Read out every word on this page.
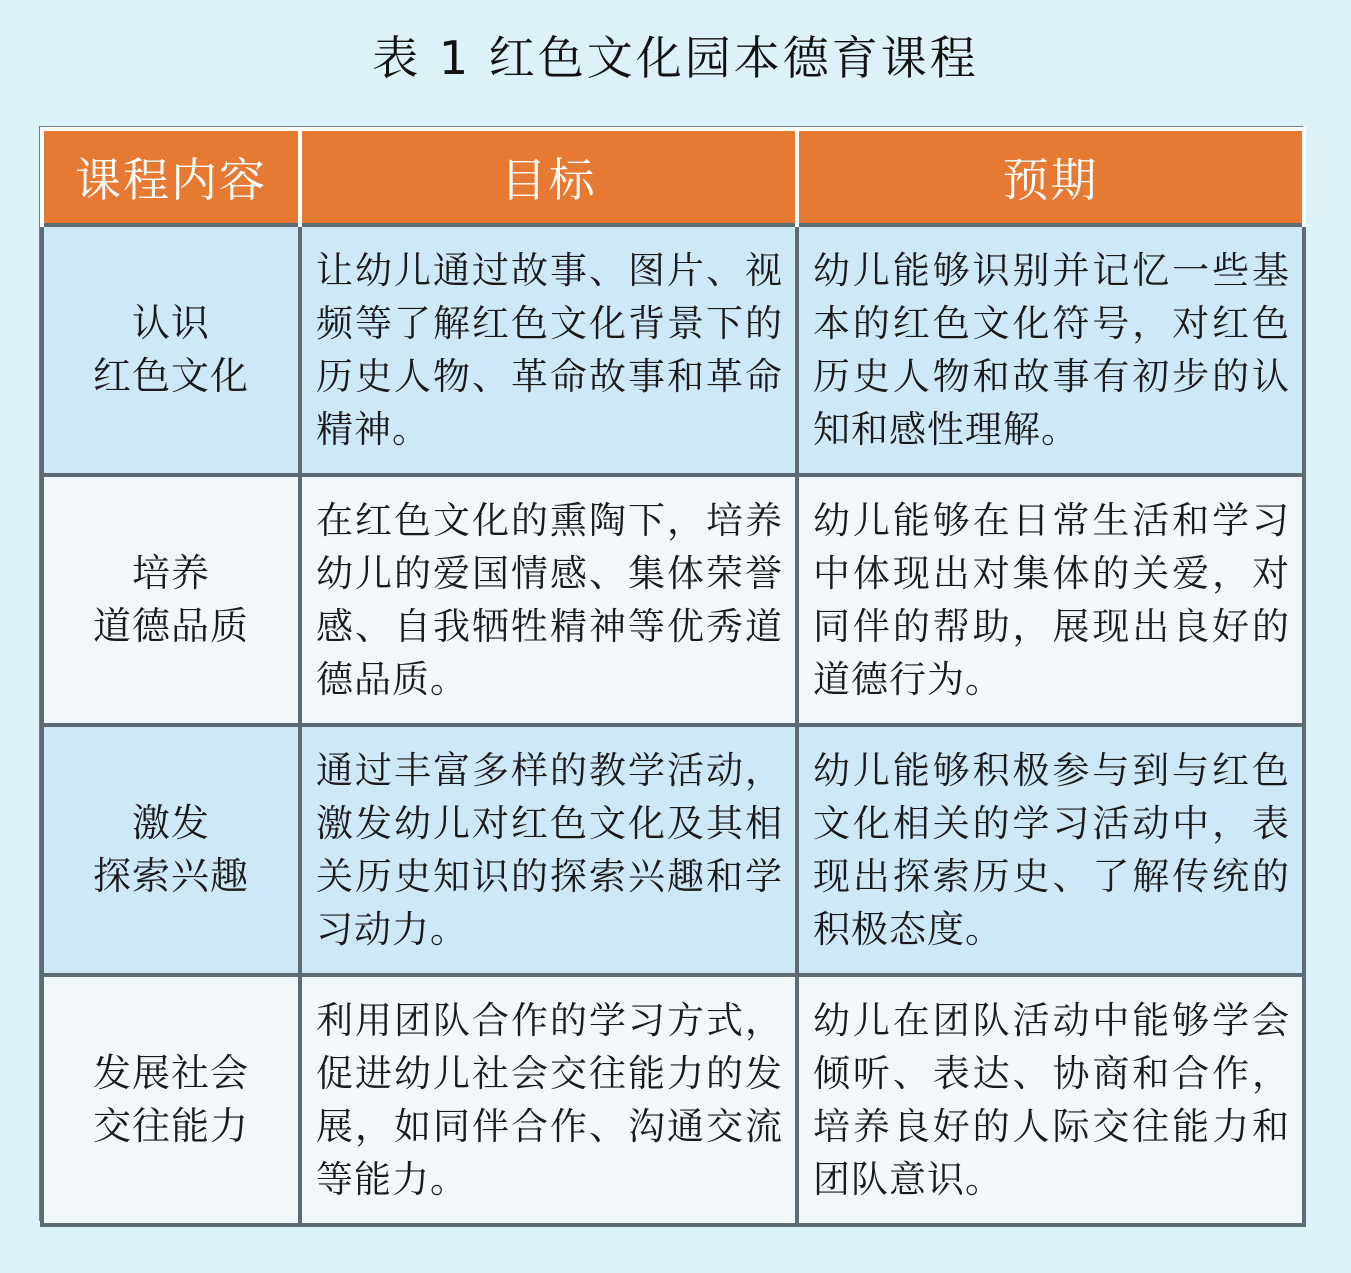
表 1 红色文化园本德育课程
课程内容	目标	预期

认识
红色文化	让幼儿通过故事、图片、视频等了解红色文化背景下的历史人物、革命故事和革命精神。	幼儿能够识别并记忆一些基本的红色文化符号，对红色历史人物和故事有初步的认知和感性理解。

培养
道德品质	在红色文化的熏陶下，培养幼儿的爱国情感、集体荣誉感、自我牺牲精神等优秀道德品质。	幼儿能够在日常生活和学习中体现出对集体的关爱，对同伴的帮助，展现出良好的道德行为。

激发
探索兴趣	通过丰富多样的教学活动，激发幼儿对红色文化及其相关历史知识的探索兴趣和学习动力。	幼儿能够积极参与到与红色文化相关的学习活动中，表现出探索历史、了解传统的积极态度。

发展社会
交往能力	利用团队合作的学习方式，促进幼儿社会交往能力的发展，如同伴合作、沟通交流等能力。	幼儿在团队活动中能够学会倾听、表达、协商和合作，培养良好的人际交往能力和团队意识。
